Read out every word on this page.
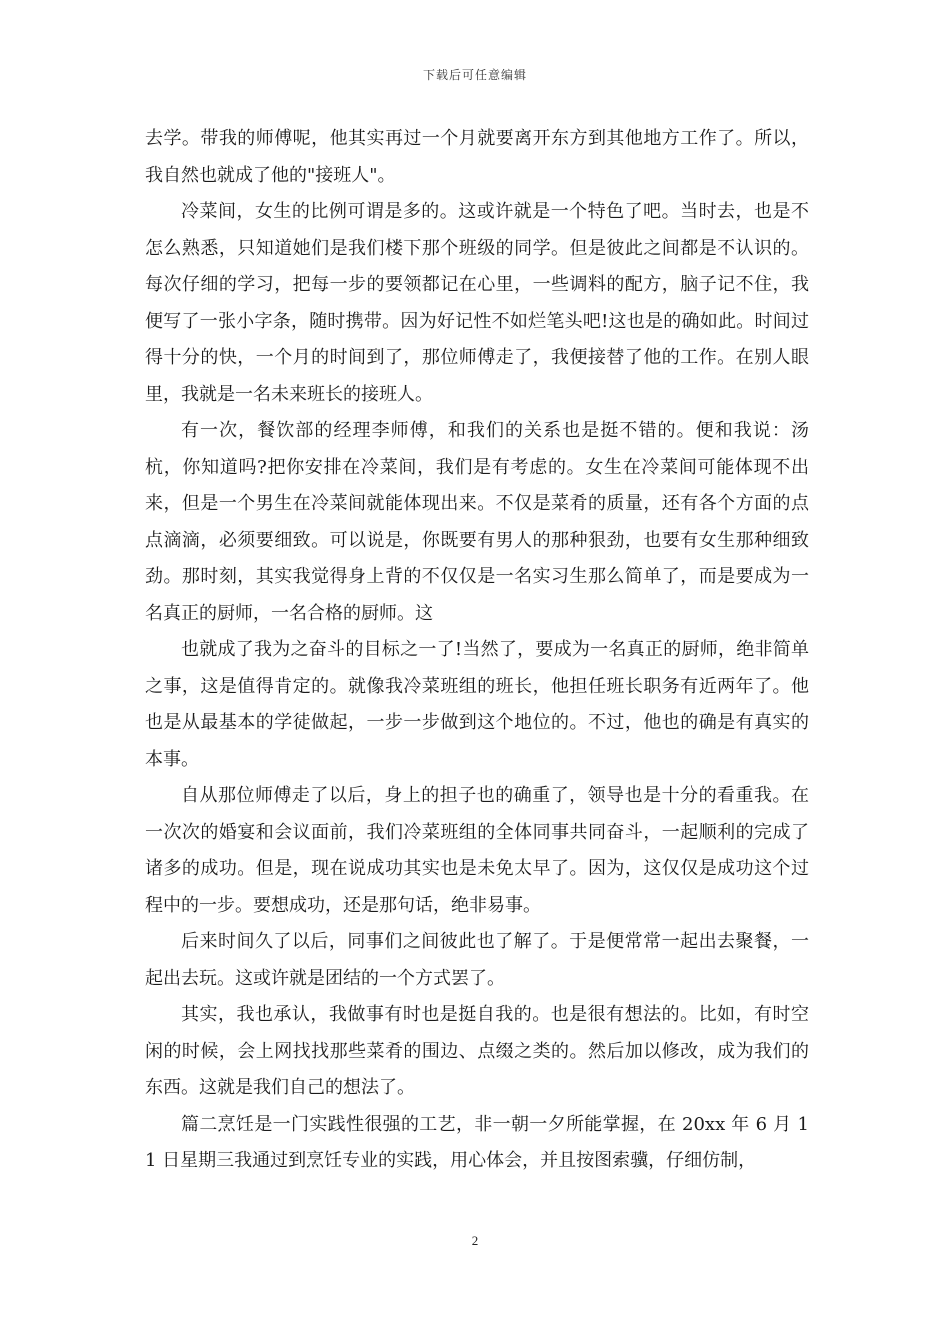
下载后可任意编辑

去学。带我的师傅呢，他其实再过一个月就要离开东方到其他地方工作了。所以，我自然也就成了他的"接班人"。

冷菜间，女生的比例可谓是多的。这或许就是一个特色了吧。当时去，也是不怎么熟悉，只知道她们是我们楼下那个班级的同学。但是彼此之间都是不认识的。每次仔细的学习，把每一步的要领都记在心里，一些调料的配方，脑子记不住，我便写了一张小字条，随时携带。因为好记性不如烂笔头吧!这也是的确如此。时间过得十分的快，一个月的时间到了，那位师傅走了，我便接替了他的工作。在别人眼里，我就是一名未来班长的接班人。

有一次，餐饮部的经理李师傅，和我们的关系也是挺不错的。便和我说：汤杭，你知道吗?把你安排在冷菜间，我们是有考虑的。女生在冷菜间可能体现不出来，但是一个男生在冷菜间就能体现出来。不仅是菜肴的质量，还有各个方面的点点滴滴，必须要细致。可以说是，你既要有男人的那种狠劲，也要有女生那种细致劲。那时刻，其实我觉得身上背的不仅仅是一名实习生那么简单了，而是要成为一名真正的厨师，一名合格的厨师。这

也就成了我为之奋斗的目标之一了!当然了，要成为一名真正的厨师，绝非简单之事，这是值得肯定的。就像我冷菜班组的班长，他担任班长职务有近两年了。他也是从最基本的学徒做起，一步一步做到这个地位的。不过，他也的确是有真实的本事。

自从那位师傅走了以后，身上的担子也的确重了，领导也是十分的看重我。在一次次的婚宴和会议面前，我们冷菜班组的全体同事共同奋斗，一起顺利的完成了诸多的成功。但是，现在说成功其实也是未免太早了。因为，这仅仅是成功这个过程中的一步。要想成功，还是那句话，绝非易事。

后来时间久了以后，同事们之间彼此也了解了。于是便常常一起出去聚餐，一起出去玩。这或许就是团结的一个方式罢了。

其实，我也承认，我做事有时也是挺自我的。也是很有想法的。比如，有时空闲的时候，会上网找找那些菜肴的围边、点缀之类的。然后加以修改，成为我们的东西。这就是我们自己的想法了。

篇二烹饪是一门实践性很强的工艺，非一朝一夕所能掌握，在 20xx 年 6 月 11 日星期三我通过到烹饪专业的实践，用心体会，并且按图索骥，仔细仿制，

2
